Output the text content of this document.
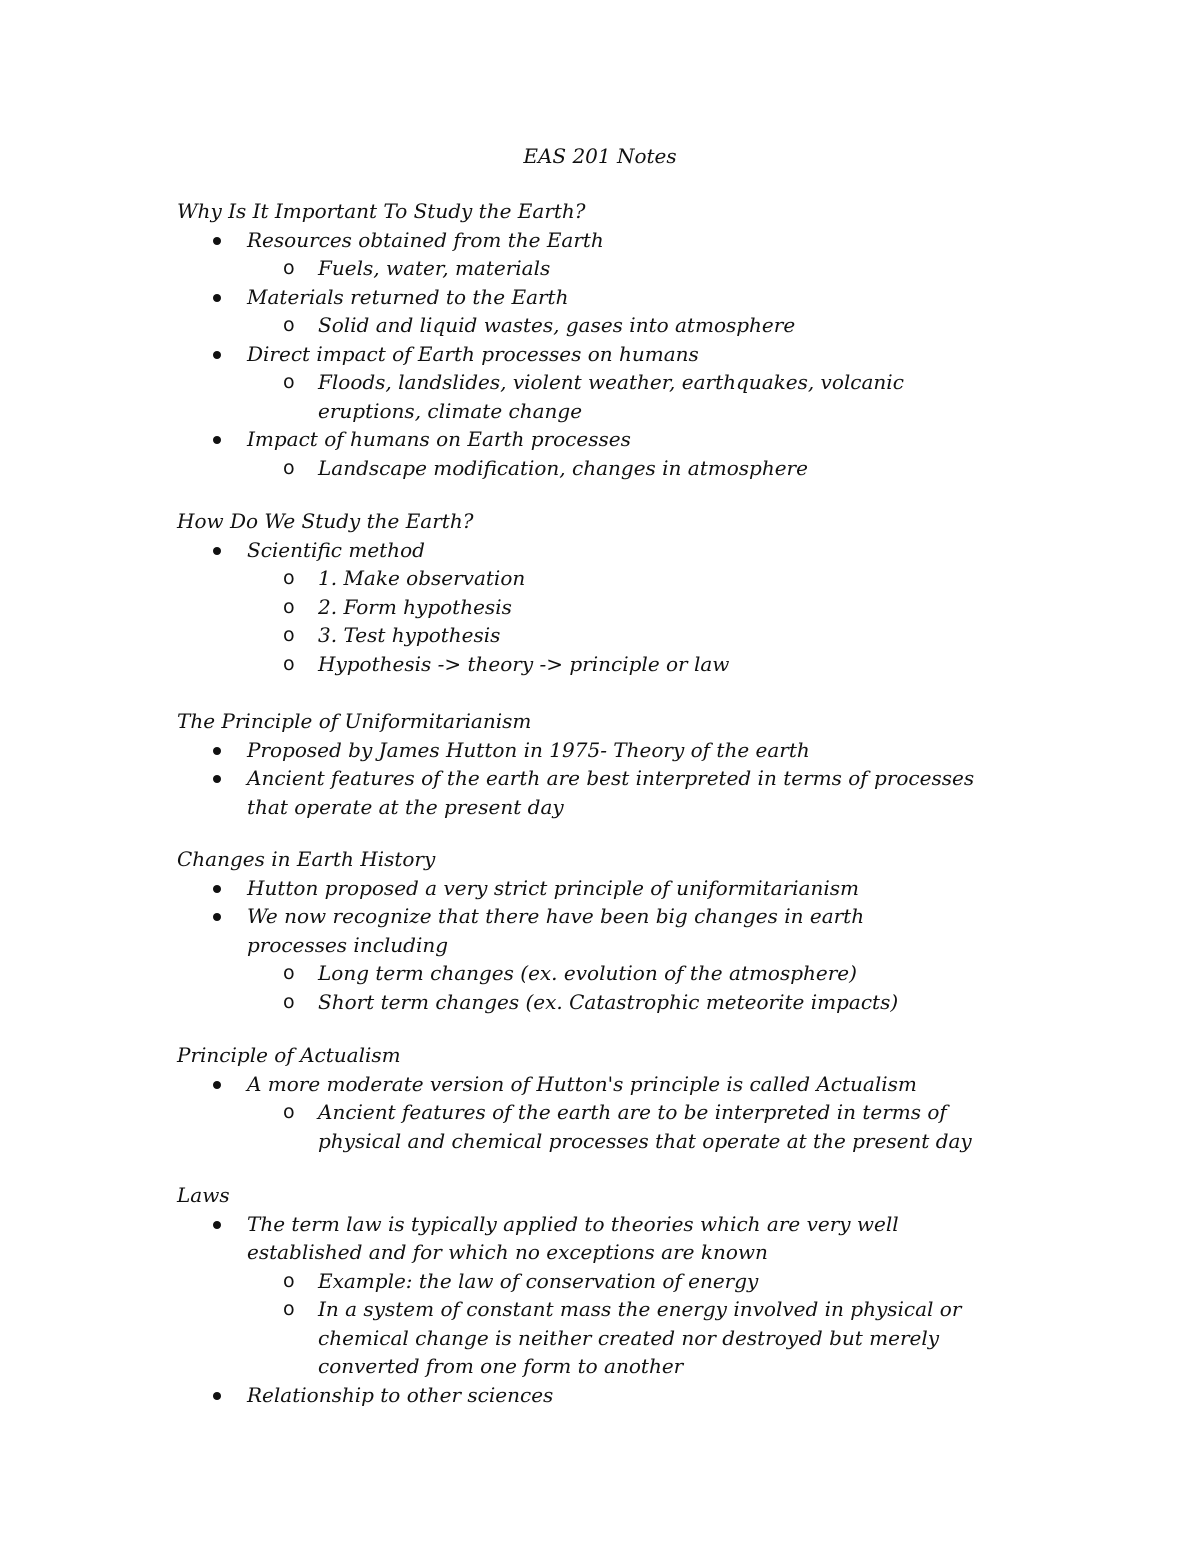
EAS 201 Notes
Why Is It Important To Study the Earth?
Resources obtained from the Earth
o Fuels, water, materials
Materials returned to the Earth
o Solid and liquid wastes, gases into atmosphere
Direct impact of Earth processes on humans
o Floods, landslides, violent weather, earthquakes, volcanic eruptions, climate change
Impact of humans on Earth processes
o Landscape modification, changes in atmosphere
How Do We Study the Earth?
Scientific method
o 1. Make observation
o 2. Form hypothesis
o 3. Test hypothesis
o Hypothesis -> theory -> principle or law
The Principle of Uniformitarianism
Proposed by James Hutton in 1975- Theory of the earth
Ancient features of the earth are best interpreted in terms of processes that operate at the present day
Changes in Earth History
Hutton proposed a very strict principle of uniformitarianism
We now recognize that there have been big changes in earth processes including
o Long term changes (ex. evolution of the atmosphere)
o Short term changes (ex. Catastrophic meteorite impacts)
Principle of Actualism
A more moderate version of Hutton's principle is called Actualism
o Ancient features of the earth are to be interpreted in terms of physical and chemical processes that operate at the present day
Laws
The term law is typically applied to theories which are very well established and for which no exceptions are known
o Example: the law of conservation of energy
o In a system of constant mass the energy involved in physical or chemical change is neither created nor destroyed but merely converted from one form to another
Relationship to other sciences
